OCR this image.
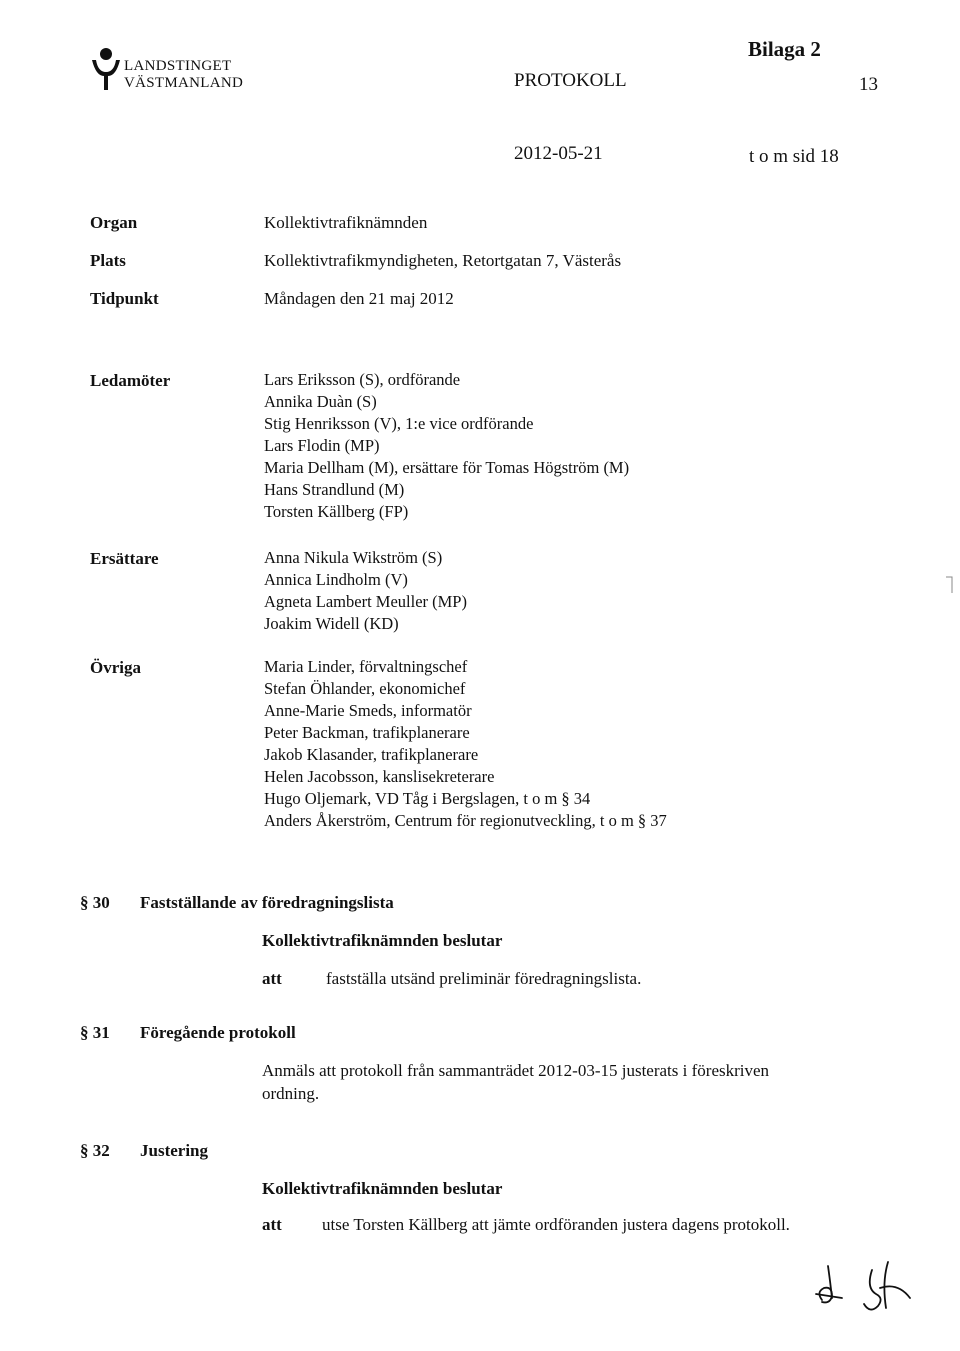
LANDSTINGET
VÄSTMANLAND
Bilaga 2
PROTOKOLL	13
2012-05-21	t o m sid 18
Organ	Kollektivtrafiknämnden
Plats	Kollektivtrafikmyndigheten, Retortgatan 7, Västerås
Tidpunkt	Måndagen den 21 maj 2012
Ledamöter	Lars Eriksson (S), ordförande
Annika Duàn (S)
Stig Henriksson (V), 1:e vice ordförande
Lars Flodin (MP)
Maria Dellham (M), ersättare för Tomas Högström (M)
Hans Strandlund (M)
Torsten Källberg (FP)
Ersättare	Anna Nikula Wikström (S)
Annica Lindholm (V)
Agneta Lambert Meuller (MP)
Joakim Widell (KD)
Övriga	Maria Linder, förvaltningschef
Stefan Öhlander, ekonomichef
Anne-Marie Smeds, informatör
Peter Backman, trafikplanerare
Jakob Klasander, trafikplanerare
Helen Jacobsson, kanslisekreterare
Hugo Oljemark, VD Tåg i Bergslagen, t o m § 34
Anders Åkerström, Centrum för regionutveckling, t o m § 37
§ 30 Fastställande av föredragningslista
Kollektivtrafiknämnden beslutar
att	fastställa utsänd preliminär föredragningslista.
§ 31 Föregående protokoll
Anmäls att protokoll från sammanträdet 2012-03-15 justerats i föreskriven
ordning.
§ 32 Justering
Kollektivtrafiknämnden beslutar
att utse Torsten Källberg att jämte ordföranden justera dagens protokoll.
